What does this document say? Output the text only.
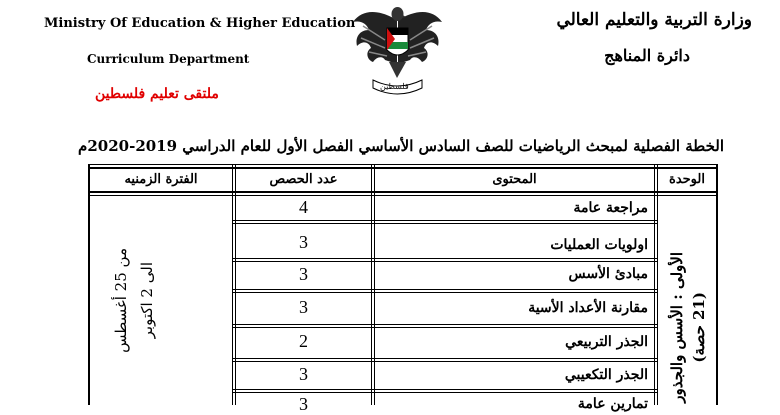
Ministry Of Education & Higher Education
Curriculum Department
ملتقى تعليم فلسطين
وزارة التربية والتعليم العالي
دائرة المناهج
فلسطين
الخطة الفصلية لمبحث الرياضيات للصف السادس الأساسي الفصل الأول للعام الدراسي 2019-2020م
الوحدة
المحتوى
عدد الحصص
الفترة الزمنيه
مراجعة عامة
اولويات العمليات
مبادئ الأسس
مقارنة الأعداد الأسية
الجذر التربيعي
الجذر التكعيبي
تمارين عامة
4
3
3
3
2
3
3
الأولى : الأسس والجذور (21 حصة)
من 25 أغسطس
الى 2 اكتوبر
